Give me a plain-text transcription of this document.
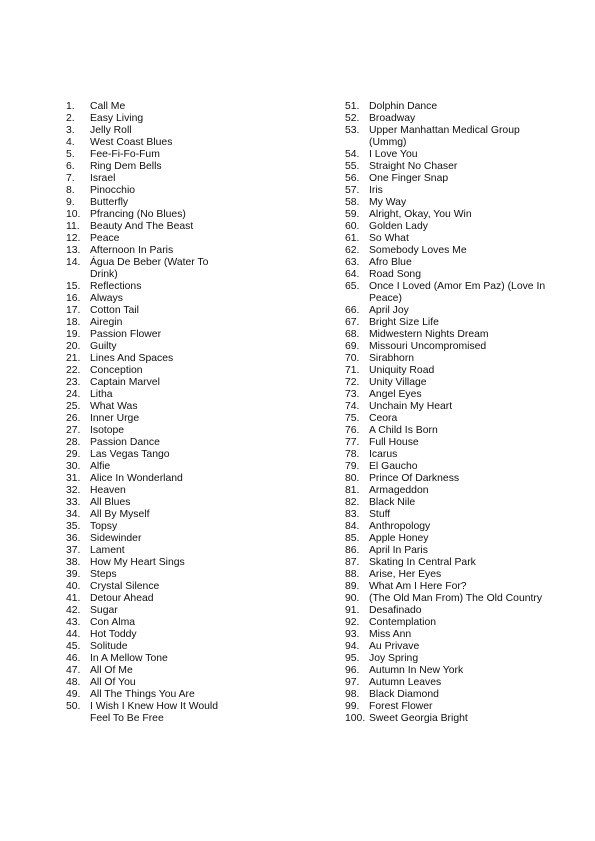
1.	Call Me
2.	Easy Living
3.	Jelly Roll
4.	West Coast Blues
5.	Fee-Fi-Fo-Fum
6.	Ring Dem Bells
7.	Israel
8.	Pinocchio
9.	Butterfly
10. Pfrancing (No Blues)
11. Beauty And The Beast
12. Peace
13. Afternoon In Paris
14. Água De Beber (Water To Drink)
15. Reflections
16. Always
17. Cotton Tail
18. Airegin
19. Passion Flower
20. Guilty
21. Lines And Spaces
22. Conception
23. Captain Marvel
24. Litha
25. What Was
26. Inner Urge
27. Isotope
28. Passion Dance
29. Las Vegas Tango
30. Alfie
31. Alice In Wonderland
32. Heaven
33. All Blues
34. All By Myself
35. Topsy
36. Sidewinder
37. Lament
38. How My Heart Sings
39. Steps
40. Crystal Silence
41. Detour Ahead
42. Sugar
43. Con Alma
44. Hot Toddy
45. Solitude
46. In A Mellow Tone
47. All Of Me
48. All Of You
49. All The Things You Are
50. I Wish I Knew How It Would Feel To Be Free
51. Dolphin Dance
52. Broadway
53. Upper Manhattan Medical Group (Ummg)
54. I Love You
55. Straight No Chaser
56. One Finger Snap
57. Iris
58. My Way
59. Alright, Okay, You Win
60. Golden Lady
61. So What
62. Somebody Loves Me
63. Afro Blue
64. Road Song
65. Once I Loved (Amor Em Paz) (Love In Peace)
66. April Joy
67. Bright Size Life
68. Midwestern Nights Dream
69. Missouri Uncompromised
70. Sirabhorn
71. Uniquity Road
72. Unity Village
73. Angel Eyes
74. Unchain My Heart
75. Ceora
76. A Child Is Born
77. Full House
78. Icarus
79. El Gaucho
80. Prince Of Darkness
81. Armageddon
82. Black Nile
83. Stuff
84. Anthropology
85. Apple Honey
86. April In Paris
87. Skating In Central Park
88. Arise, Her Eyes
89. What Am I Here For?
90. (The Old Man From) The Old Country
91. Desafinado
92. Contemplation
93. Miss Ann
94. Au Privave
95. Joy Spring
96. Autumn In New York
97. Autumn Leaves
98. Black Diamond
99. Forest Flower
100. Sweet Georgia Bright
